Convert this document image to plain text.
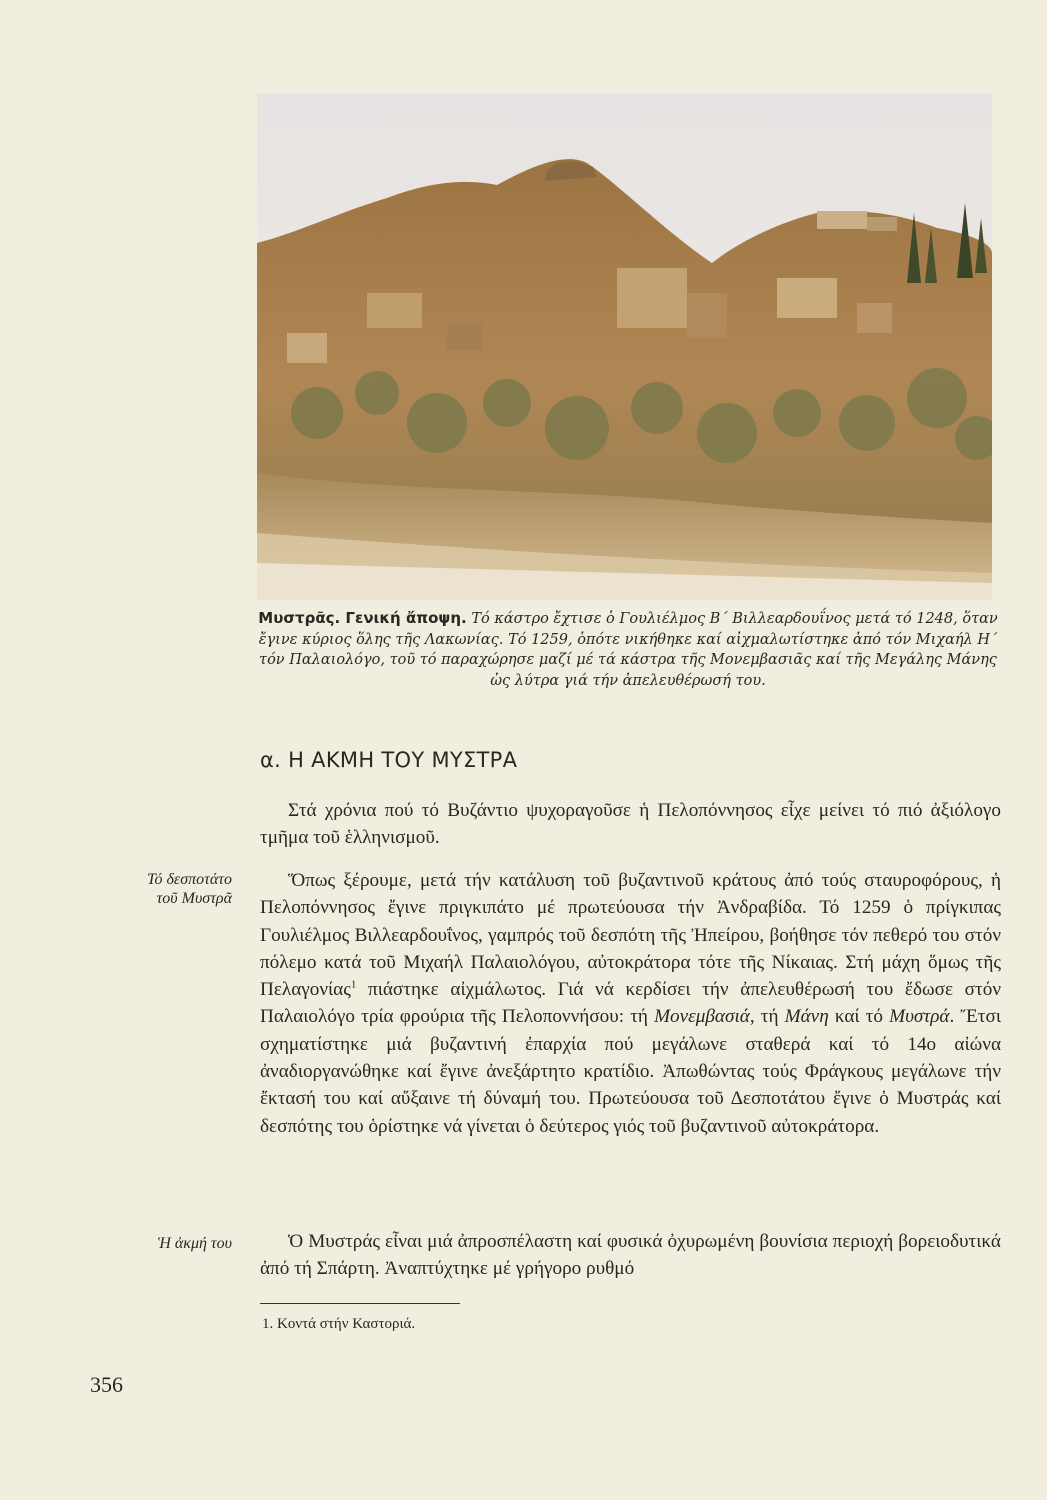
Μυστρᾶς. Γενική ἄποψη. Τό κάστρο ἔχτισε ὁ Γουλιέλμος Β΄ Βιλλεαρδουΐνος μετά τό 1248, ὅταν ἔγινε κύριος ὅλης τῆς Λακωνίας. Τό 1259, ὁπότε νικήθηκε καί αἰχμαλωτίστηκε ἀπό τόν Μιχαήλ Η΄ τόν Παλαιολόγο, τοῦ τό παραχώρησε μαζί μέ τά κάστρα τῆς Μονεμβασιᾶς καί τῆς Μεγάλης Μάνης ὡς λύτρα γιά τήν ἀπελευθέρωσή του.
α. Η ΑΚΜΗ ΤΟΥ ΜΥΣΤΡΑ

Στά χρόνια πού τό Βυζάντιο ψυχοραγοῦσε ἡ Πελοπόννησος εἶχε μείνει τό πιό ἀξιόλογο τμῆμα τοῦ ἑλληνισμοῦ.

Ὅπως ξέρουμε, μετά τήν κατάλυση τοῦ βυζαντινοῦ κράτους ἀπό τούς σταυροφόρους, ἡ Πελοπόννησος ἔγινε πριγκιπάτο μέ πρωτεύουσα τήν Ἀνδραβίδα. Τό 1259 ὁ πρίγκιπας Γουλιέλμος Βιλλεαρδουΐνος, γαμπρός τοῦ δεσπότη τῆς Ἠπείρου, βοήθησε τόν πεθερό του στόν πόλεμο κατά τοῦ Μιχαήλ Παλαιολόγου, αὐτοκράτορα τότε τῆς Νίκαιας. Στή μάχη ὅμως τῆς Πελαγονίας$^1$ πιάστηκε αἰχμάλωτος. Γιά νά κερδίσει τήν ἀπελευθέρωσή του ἔδωσε στόν Παλαιολόγο τρία φρούρια τῆς Πελοποννήσου: τή Μονεμβασιά, τή Μάνη καί τό Μυστρά. Ἔτσι σχηματίστηκε μιά βυζαντινή ἐπαρχία πού μεγάλωνε σταθερά καί τό 14ο αἰώνα ἀναδιοργανώθηκε καί ἔγινε ἀνεξάρτητο κρατίδιο. Ἀπωθώντας τούς Φράγκους μεγάλωνε τήν ἔκτασή του καί αὔξαινε τή δύναμή του. Πρωτεύουσα τοῦ Δεσποτάτου ἔγινε ὁ Μυστράς καί δεσπότης του ὁρίστηκε νά γίνεται ὁ δεύτερος γιός τοῦ βυζαντινοῦ αὐτοκράτορα.

Ὁ Μυστράς εἶναι μιά ἀπροσπέλαστη καί φυσικά ὀχυρωμένη βουνίσια περιοχή βορειοδυτικά ἀπό τή Σπάρτη. Ἀναπτύχτηκε μέ γρήγορο ρυθμό

Τό δεσποτάτο
τοῦ Μυστρᾶ
Ἡ ἀκμή του
1. Κοντά στήν Καστοριά.
356
